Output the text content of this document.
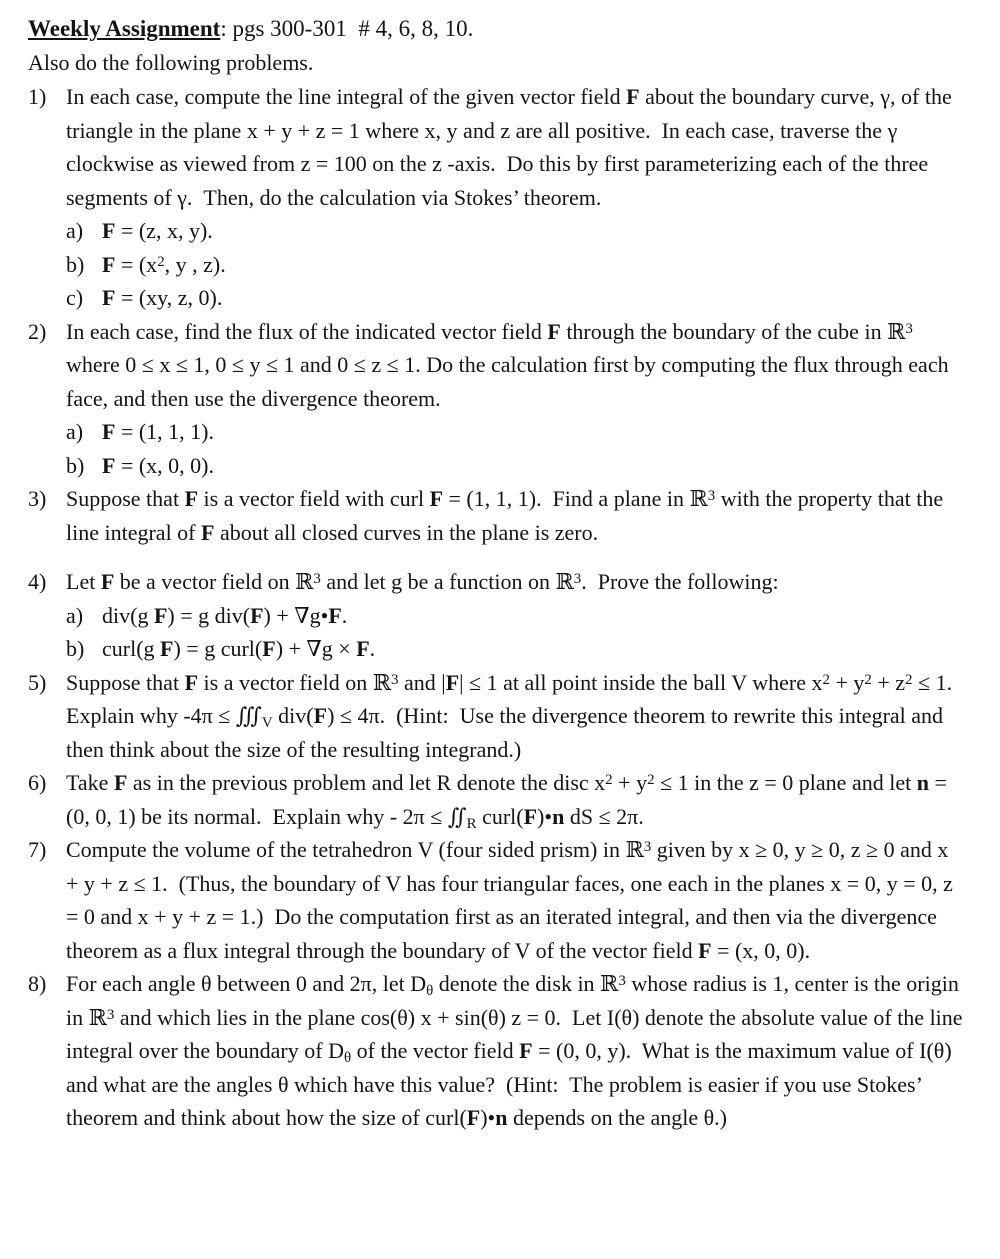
Weekly Assignment: pgs 300-301  # 4, 6, 8, 10.
Also do the following problems.
1) In each case, compute the line integral of the given vector field F about the boundary curve, γ, of the triangle in the plane x + y + z = 1 where x, y and z are all positive.  In each case, traverse the γ clockwise as viewed from z = 100 on the z -axis.  Do this by first parameterizing each of the three segments of γ.  Then, do the calculation via Stokes’ theorem.
a) F = (z, x, y).
b) $F = (x^2$, y , z).
c) F = (xy, z, 0).
2) In each case, find the flux of the indicated vector field F through the boundary of the cube in ℝ$^3$ where 0 ≤ x ≤ 1, 0 ≤ y ≤ 1 and 0 ≤ z ≤ 1. Do the calculation first by computing the flux through each face, and then use the divergence theorem.
a) F = (1, 1, 1).
b) F = (x, 0, 0).
3) Suppose that F is a vector field with curl F = (1, 1, 1).  Find a plane in ℝ$^3$ with the property that the line integral of F about all closed curves in the plane is zero.
4) Let F be a vector field on ℝ$^3$ and let g be a function on ℝ$^3$.  Prove the following:
a) div(g F) = g div(F) + ∇g•F.
b) curl(g F) = g curl(F) + ∇g × F.
5) Suppose that F is a vector field on ℝ$^3$ and |F| ≤ 1 at all point inside the ball V where $x^2 + y^2 + z^2 \le 1$.  Explain why $-4\pi \le ∭_V$ div(F) ≤ 4π.  (Hint:  Use the divergence theorem to rewrite this integral and then think about the size of the resulting integrand.)
6) Take F as in the previous problem and let R denote the disc $x^2 + y^2 \le 1$ in the z = 0 plane and let n = (0, 0, 1) be its normal.  Explain why - $2\pi \le ∬_R$ curl(F)•n dS ≤ 2π.
7) Compute the volume of the tetrahedron V (four sided prism) in ℝ$^3$ given by x ≥ 0, y ≥ 0, z ≥ 0 and x + y + z ≤ 1.  (Thus, the boundary of V has four triangular faces, one each in the planes x = 0, y = 0, z = 0 and x + y + z = 1.)  Do the computation first as an iterated integral, and then via the divergence theorem as a flux integral through the boundary of V of the vector field F = (x, 0, 0).
8) For each angle θ between 0 and 2π, let $D_\theta$ denote the disk in ℝ$^3$ whose radius is 1, center is the origin in ℝ$^3$ and which lies in the plane cos(θ) x + sin(θ) z = 0.  Let I(θ) denote the absolute value of the line integral over the boundary of $D_\theta$ of the vector field F = (0, 0, y).  What is the maximum value of I(θ) and what are the angles θ which have this value?  (Hint:  The problem is easier if you use Stokes’ theorem and think about how the size of curl(F)•n depends on the angle θ.)
